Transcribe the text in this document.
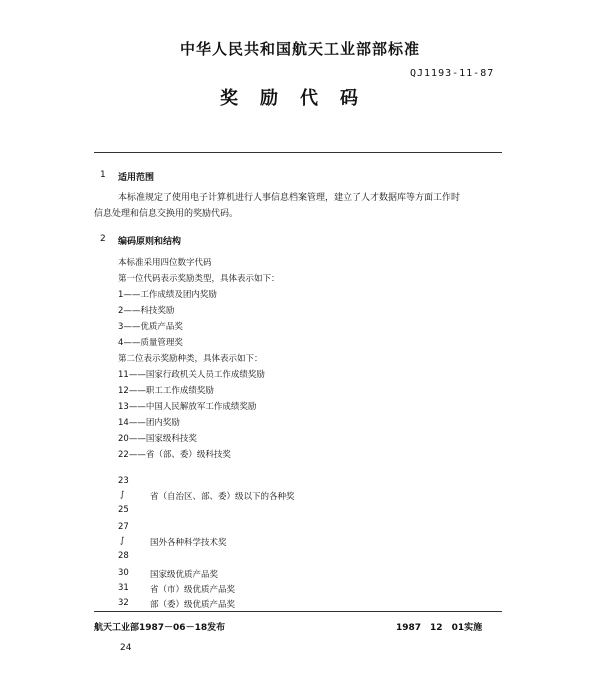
中华人民共和国航天工业部部标准
QJ1193-11-87
奖励代码
1 适用范围
本标准规定了使用电子计算机进行人事信息档案管理，建立了人才数据库等方面工作时
信息处理和信息交换用的奖励代码。
2 编码原则和结构
本标准采用四位数字代码
第一位代码表示奖励类型，具体表示如下：
1——工作成绩及团内奖励
2——科技奖励
3——优质产品奖
4——质量管理奖
第二位表示奖励种类，具体表示如下：
11——国家行政机关人员工作成绩奖励
12——职工工作成绩奖励
13——中国人民解放军工作成绩奖励
14——团内奖励
20——国家级科技奖
22——省（部、委）级科技奖
23
∫	省（自治区、部、委）级以下的各种奖
25
27
∫	国外各种科学技术奖
28
30 国家级优质产品奖
31 省（市）级优质产品奖
32 部（委）级优质产品奖
航天工业部1987－06－18发布	1987　12　01实施
24
